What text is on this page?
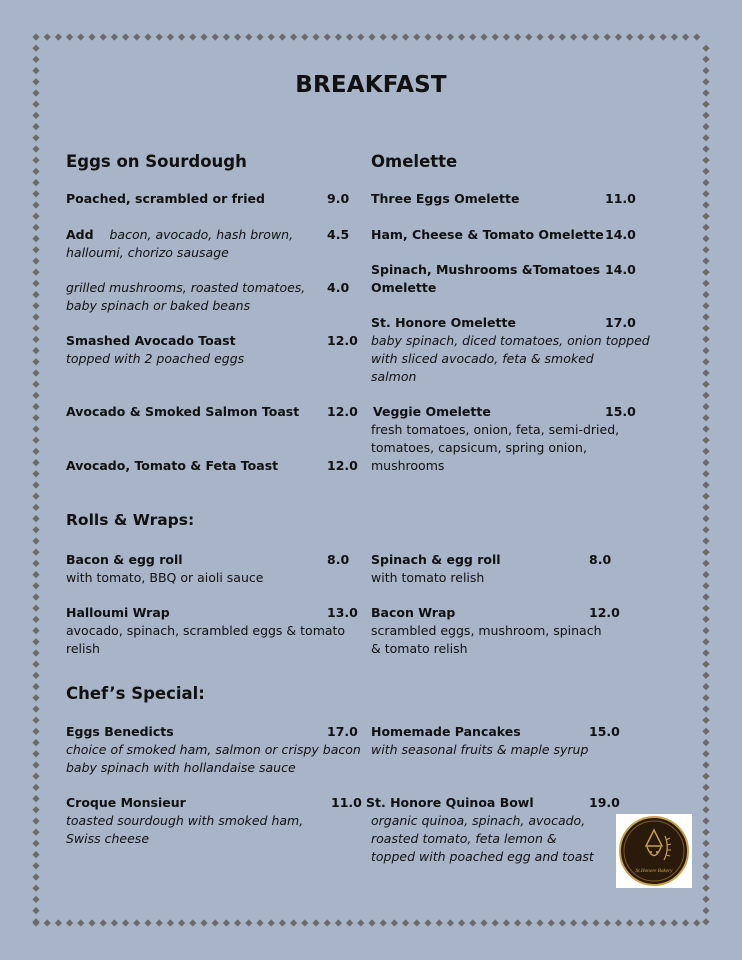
BREAKFAST
Eggs on Sourdough
Poached, scrambled or fried	9.0
Add bacon, avocado, hash brown,
halloumi, chorizo sausage
4.5
grilled mushrooms, roasted tomatoes,
baby spinach or baked beans
4.0
Smashed Avocado Toast
topped with 2 poached eggs
12.0
Avocado & Smoked Salmon Toast 12.0
Avocado, Tomato & Feta Toast	12.0
Omelette
Three Eggs Omelette	11.0
Ham, Cheese & Tomato Omelette 14.0
Spinach, Mushrooms &Tomatoes
Omelette
14.0
St. Honore Omelette
baby spinach, diced tomatoes, onion topped
with sliced avocado, feta & smoked
salmon
17.0
Veggie Omelette
fresh tomatoes, onion, feta, semi-dried,
tomatoes, capsicum, spring onion,
mushrooms
15.0
Rolls & Wraps:
Bacon & egg roll
with tomato, BBQ or aioli sauce
8.0 Spinach & egg roll
with tomato relish
8.0
Halloumi Wrap
avocado, spinach, scrambled eggs & tomato
relish
13.0 Bacon Wrap
scrambled eggs, mushroom, spinach
& tomato relish
12.0
Chef’s Special:
Eggs Benedicts
choice of smoked ham, salmon or crispy bacon
baby spinach with hollandaise sauce
17.0 Homemade Pancakes
with seasonal fruits & maple syrup
15.0
Croque Monsieur
toasted sourdough with smoked ham,
Swiss cheese
11.0 St. Honore Quinoa Bowl
organic quinoa, spinach, avocado,
roasted tomato, feta lemon &
topped with poached egg and toast
19.0
St.Honore Bakery
